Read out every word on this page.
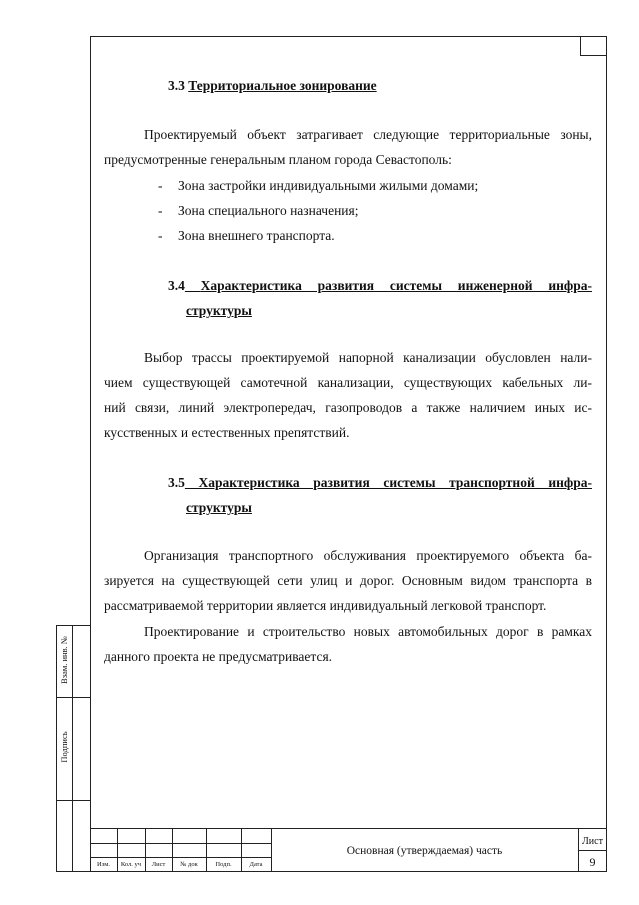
Взам. инв. №
Подпись
3.3 Территориальное зонирование
Проектируемый объект затрагивает следующие территориальные зоны,
предусмотренные генеральным планом города Севастополь:
- Зона застройки индивидуальными жилыми домами;
- Зона специального назначения;
- Зона внешнего транспорта.
3.4 Характеристика развития системы инженерной инфра-
структуры
Выбор трассы проектируемой напорной канализации обусловлен нали-
чием существующей самотечной канализации, существующих кабельных ли-
ний связи, линий электропередач, газопроводов а также наличием иных ис-
кусственных и естественных препятствий.
3.5 Характеристика развития системы транспортной инфра-
структуры
Организация транспортного обслуживания проектируемого объекта ба-
зируется на существующей сети улиц и дорог. Основным видом транспорта в
рассматриваемой территории является индивидуальный легковой транспорт.
Проектирование и строительство новых автомобильных дорог в рамках
данного проекта не предусматривается.
Изм.	Кол. уч	Лист	№ док	Подп.	Дата
Основная (утверждаемая) часть
Лист
9
